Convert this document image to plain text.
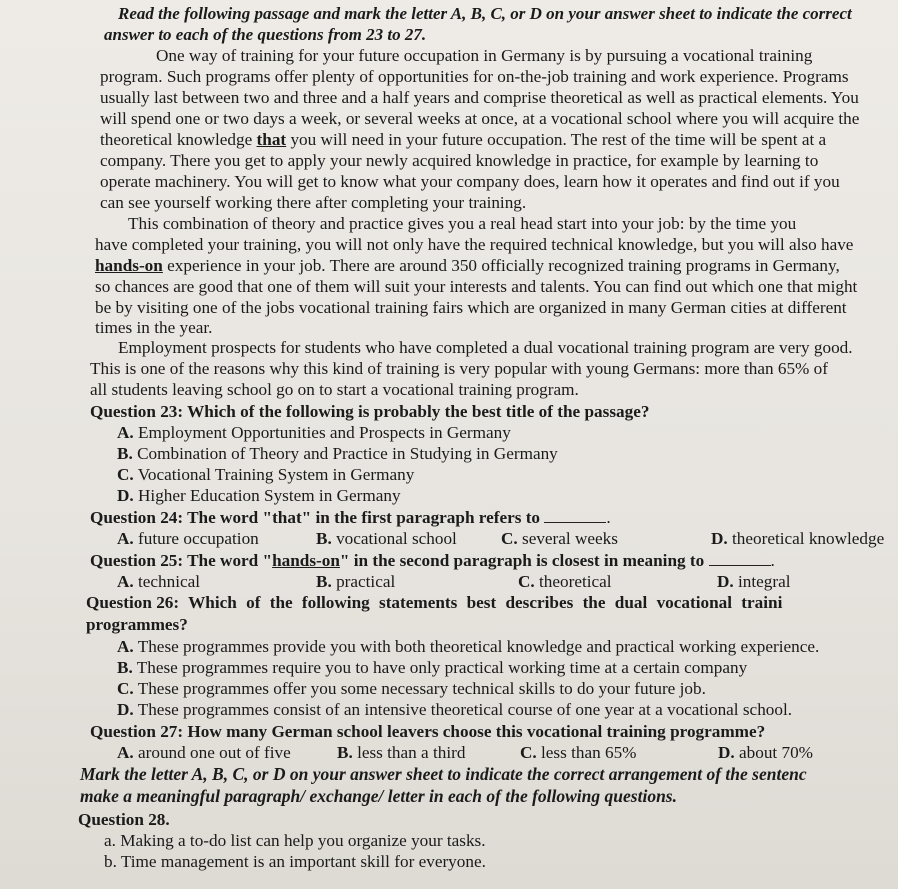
Read the following passage and mark the letter A, B, C, or D on your answer sheet to indicate the correct
answer to each of the questions from 23 to 27.
One way of training for your future occupation in Germany is by pursuing a vocational training
program. Such programs offer plenty of opportunities for on-the-job training and work experience. Programs
usually last between two and three and a half years and comprise theoretical as well as practical elements. You
will spend one or two days a week, or several weeks at once, at a vocational school where you will acquire the
theoretical knowledge that you will need in your future occupation. The rest of the time will be spent at a
company. There you get to apply your newly acquired knowledge in practice, for example by learning to
operate machinery. You will get to know what your company does, learn how it operates and find out if you
can see yourself working there after completing your training.
This combination of theory and practice gives you a real head start into your job: by the time you
have completed your training, you will not only have the required technical knowledge, but you will also have
hands-on experience in your job. There are around 350 officially recognized training programs in Germany,
so chances are good that one of them will suit your interests and talents. You can find out which one that might
be by visiting one of the jobs vocational training fairs which are organized in many German cities at different
times in the year.
Employment prospects for students who have completed a dual vocational training program are very good.
This is one of the reasons why this kind of training is very popular with young Germans: more than 65% of
all students leaving school go on to start a vocational training program.
Question 23: Which of the following is probably the best title of the passage?
A. Employment Opportunities and Prospects in Germany
B. Combination of Theory and Practice in Studying in Germany
C. Vocational Training System in Germany
D. Higher Education System in Germany
Question 24: The word "that" in the first paragraph refers to	.
A. future occupation	B. vocational school	C. several weeks	D. theoretical knowledge
Question 25: The word "hands-on" in the second paragraph is closest in meaning to	.
A. technical	B. practical	C. theoretical	D. integral
Question 26: Which of the following statements best describes the dual vocational traini
programmes?
A. These programmes provide you with both theoretical knowledge and practical working experience.
B. These programmes require you to have only practical working time at a certain company
C. These programmes offer you some necessary technical skills to do your future job.
D. These programmes consist of an intensive theoretical course of one year at a vocational school.
Question 27: How many German school leavers choose this vocational training programme?
A. around one out of five	B. less than a third	C. less than 65%	D. about 70%
Mark the letter A, B, C, or D on your answer sheet to indicate the correct arrangement of the sentenc
make a meaningful paragraph/ exchange/ letter in each of the following questions.
Question 28.
a. Making a to-do list can help you organize your tasks.
b. Time management is an important skill for everyone.
